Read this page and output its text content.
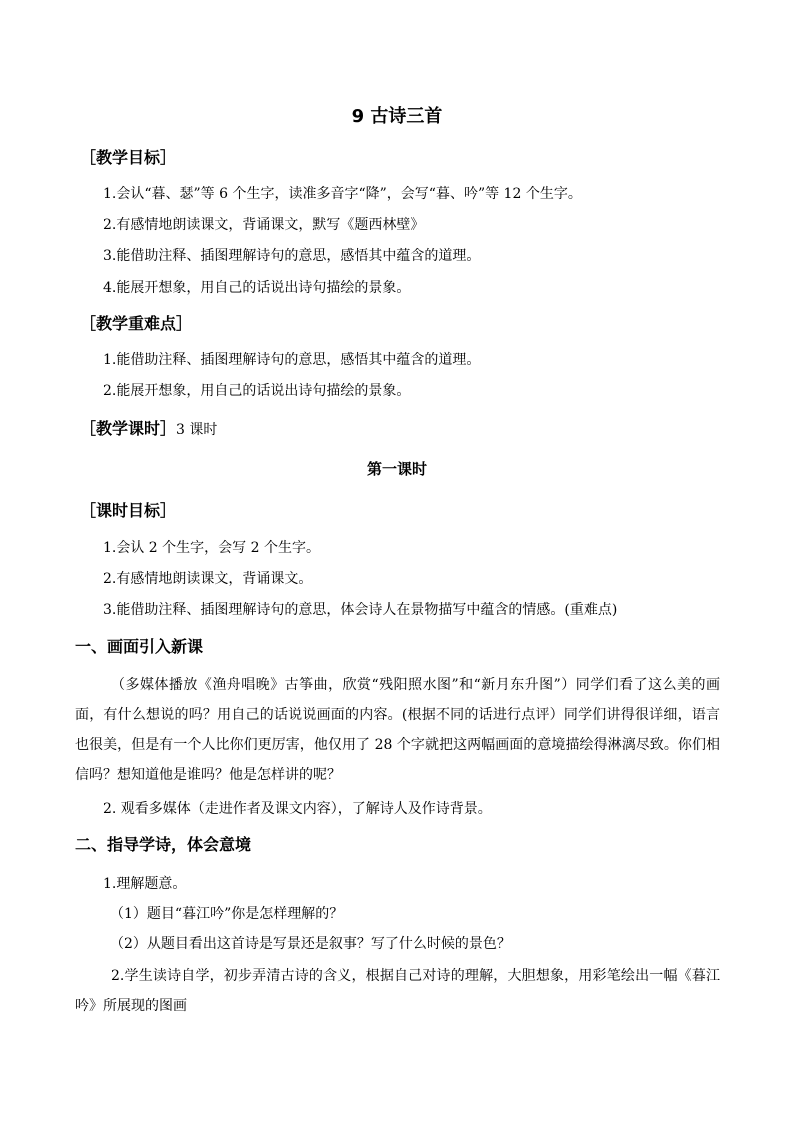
9 古诗三首
［教学目标］
1.会认“暮、瑟”等 6 个生字，读准多音字“降”，会写“暮、吟”等 12 个生字。
2.有感情地朗读课文，背诵课文，默写《题西林壁》
3.能借助注释、插图理解诗句的意思，感悟其中蕴含的道理。
4.能展开想象，用自己的话说出诗句描绘的景象。
［教学重难点］
1.能借助注释、插图理解诗句的意思，感悟其中蕴含的道理。
2.能展开想象，用自己的话说出诗句描绘的景象。
［教学课时］3 课时
第一课时
［课时目标］
1.会认 2 个生字，会写 2 个生字。
2.有感情地朗读课文，背诵课文。
3.能借助注释、插图理解诗句的意思，体会诗人在景物描写中蕴含的情感。(重难点)
一、画面引入新课
（多媒体播放《渔舟唱晚》古筝曲，欣赏“残阳照水图”和“新月东升图”）同学们看了这么美的画面，有什么想说的吗？用自己的话说说画面的内容。(根据不同的话进行点评）同学们讲得很详细，语言也很美，但是有一个人比你们更厉害，他仅用了 28 个字就把这两幅画面的意境描绘得淋漓尽致。你们相信吗？想知道他是谁吗？他是怎样讲的呢？
2. 观看多媒体（走进作者及课文内容），了解诗人及作诗背景。
二、指导学诗，体会意境
1.理解题意。
（1）题目“暮江吟”你是怎样理解的？
（2）从题目看出这首诗是写景还是叙事？写了什么时候的景色？
2.学生读诗自学，初步弄清古诗的含义，根据自己对诗的理解，大胆想象，用彩笔绘出一幅《暮江吟》所展现的图画
